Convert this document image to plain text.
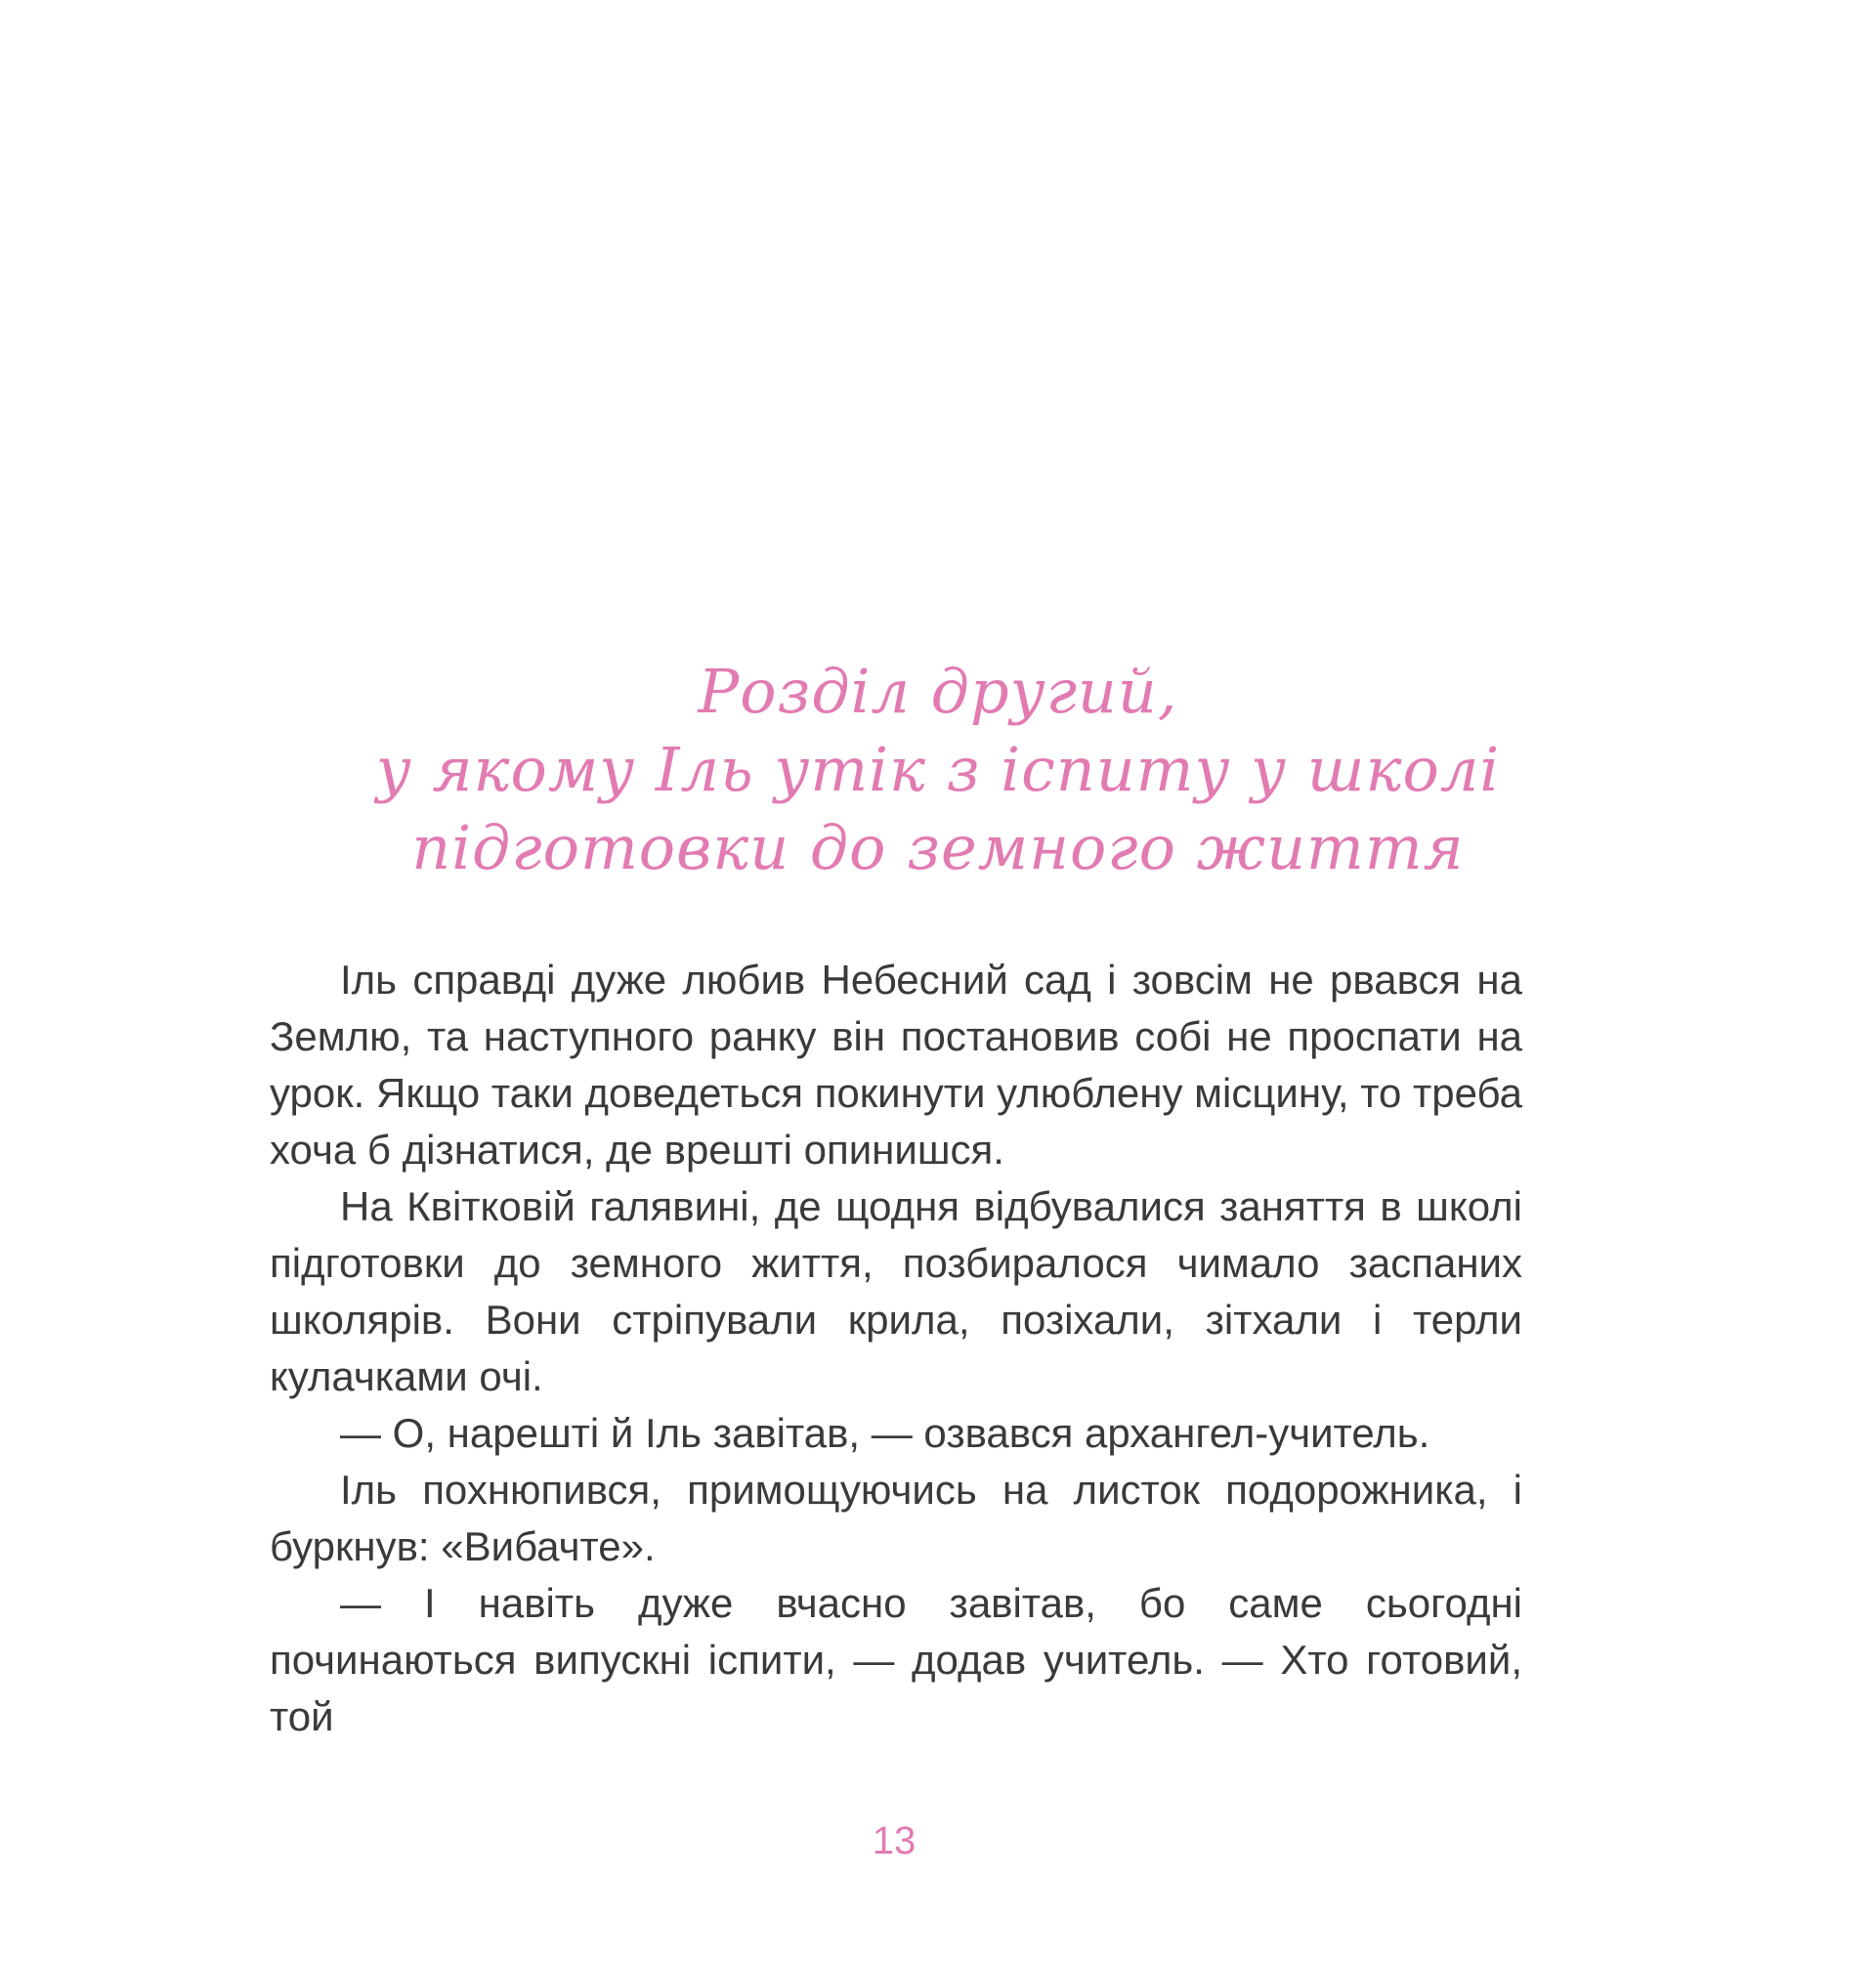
Розділ другий,
у якому Іль утік з іспиту у школі
підготовки до земного життя

Іль справді дуже любив Небесний сад і зовсім не рвався на Землю, та наступного ранку він постановив собі не проспати на урок. Якщо таки доведеться покинути улюблену місцину, то треба хоча б дізнатися, де врешті опинишся.

На Квітковій галявині, де щодня відбувалися заняття в школі підготовки до земного життя, позбиралося чимало заспаних школярів. Вони стріпували крила, позіхали, зітхали і терли кулачками очі.

— О, нарешті й Іль завітав, — озвався архангел-учитель.

Іль похнюпився, примощуючись на листок подорожника, і буркнув: «Вибачте».

— І навіть дуже вчасно завітав, бо саме сьогодні починаються випускні іспити, — додав учитель. — Хто готовий, той

13
